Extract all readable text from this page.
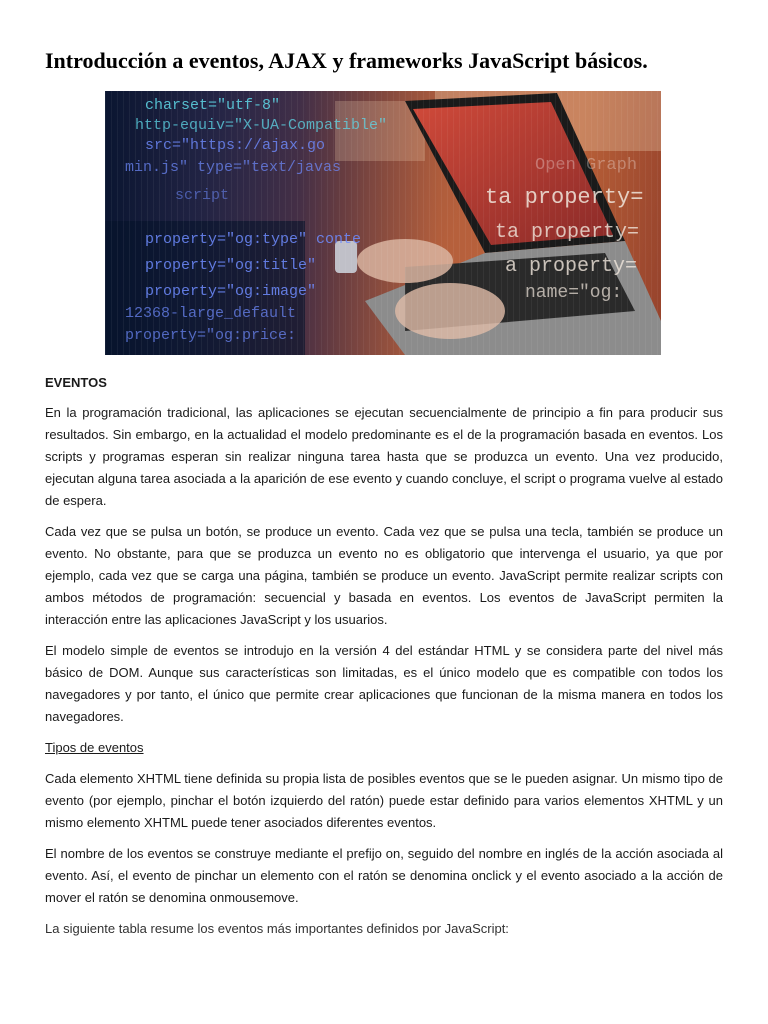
Introducción a eventos, AJAX y frameworks JavaScript básicos.
charset="utf-8"
http-equiv="X-UA-Compatible"
src="https://ajax.go
min.js" type="text/javas
script
property="og:type" conte
property="og:title"
property="og:image"
12368-large_default
property="og:price:
Open Graph
ta property=
ta property=
a property=
name="og:
EVENTOS

En la programación tradicional, las aplicaciones se ejecutan secuencialmente de principio a fin para producir sus resultados. Sin embargo, en la actualidad el modelo predominante es el de la programación basada en eventos. Los scripts y programas esperan sin realizar ninguna tarea hasta que se produzca un evento. Una vez producido, ejecutan alguna tarea asociada a la aparición de ese evento y cuando concluye, el script o programa vuelve al estado de espera.

Cada vez que se pulsa un botón, se produce un evento. Cada vez que se pulsa una tecla, también se produce un evento. No obstante, para que se produzca un evento no es obligatorio que intervenga el usuario, ya que por ejemplo, cada vez que se carga una página, también se produce un evento. JavaScript permite realizar scripts con ambos métodos de programación: secuencial y basada en eventos. Los eventos de JavaScript permiten la interacción entre las aplicaciones JavaScript y los usuarios.

El modelo simple de eventos se introdujo en la versión 4 del estándar HTML y se considera parte del nivel más básico de DOM. Aunque sus características son limitadas, es el único modelo que es compatible con todos los navegadores y por tanto, el único que permite crear aplicaciones que funcionan de la misma manera en todos los navegadores.

Tipos de eventos

Cada elemento XHTML tiene definida su propia lista de posibles eventos que se le pueden asignar. Un mismo tipo de evento (por ejemplo, pinchar el botón izquierdo del ratón) puede estar definido para varios elementos XHTML y un mismo elemento XHTML puede tener asociados diferentes eventos.

El nombre de los eventos se construye mediante el prefijo on, seguido del nombre en inglés de la acción asociada al evento. Así, el evento de pinchar un elemento con el ratón se denomina onclick y el evento asociado a la acción de mover el ratón se denomina onmousemove.

La siguiente tabla resume los eventos más importantes definidos por JavaScript:
